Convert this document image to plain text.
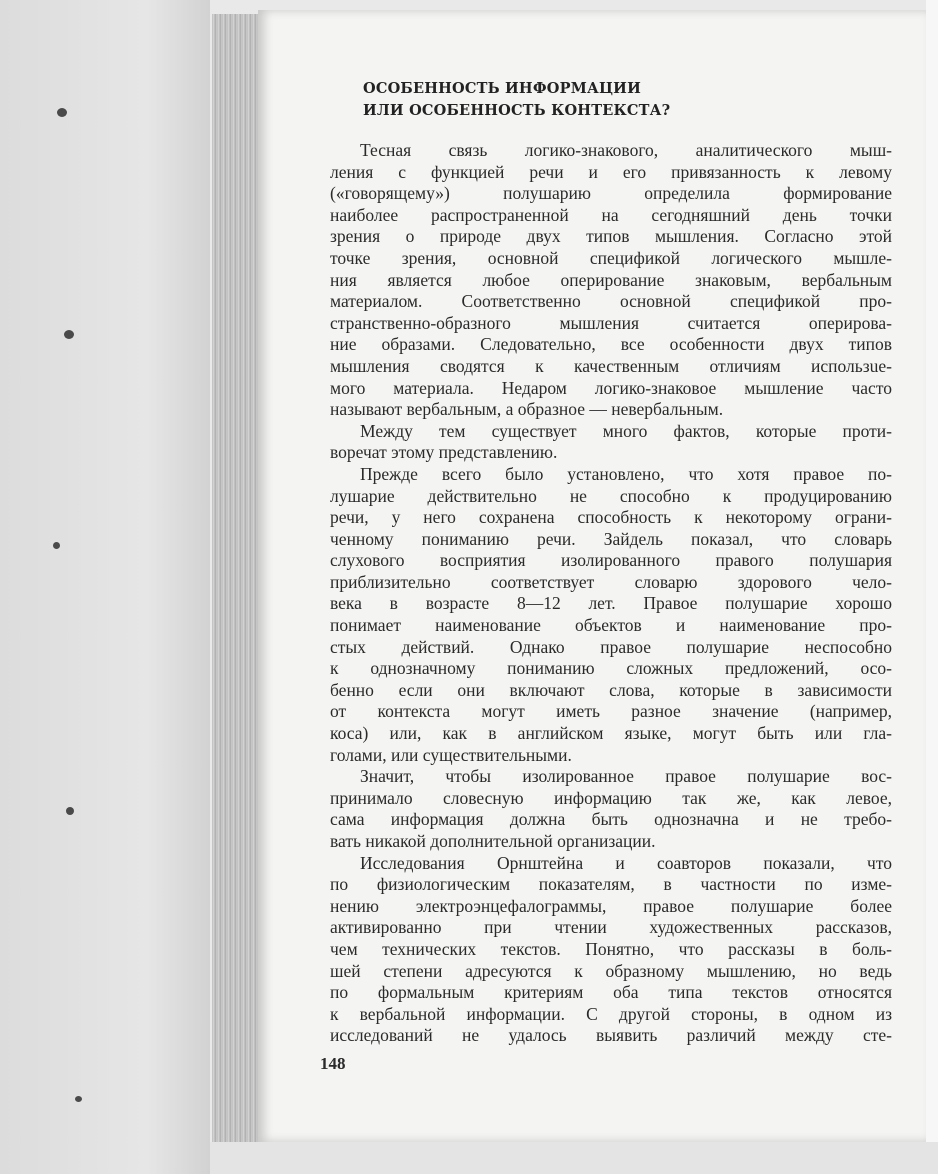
ОСОБЕННОСТЬ ИНФОРМАЦИИ
ИЛИ ОСОБЕННОСТЬ КОНТЕКСТА?
Тесная связь логико-знакового, аналитического мыш-
ления с функцией речи и его привязанность к левому
(«говорящему») полушарию определила формирование
наиболее распространенной на сегодняшний день точки
зрения о природе двух типов мышления. Согласно этой
точке зрения, основной спецификой логического мышле-
ния является любое оперирование знаковым, вербальным
материалом. Соответственно основной спецификой про-
странственно-образного мышления считается оперирова-
ние образами. Следовательно, все особенности двух типов
мышления сводятся к качественным отличиям использue-
мого материала. Недаром логико-знаковое мышление часто
называют вербальным, а образное — невербальным.
Между тем существует много фактов, которые проти-
воречат этому представлению.
Прежде всего было установлено, что хотя правое по-
лушарие действительно не способно к продуцированию
речи, у него сохранена способность к некоторому ограни-
ченному пониманию речи. Зайдель показал, что словарь
слухового восприятия изолированного правого полушария
приблизительно соответствует словарю здорового чело-
века в возрасте 8—12 лет. Правое полушарие хорошо
понимает наименование объектов и наименование про-
стых действий. Однако правое полушарие неспособно
к однозначному пониманию сложных предложений, осо-
бенно если они включают слова, которые в зависимости
от контекста могут иметь разное значение (например,
коса) или, как в английском языке, могут быть или гла-
голами, или существительными.
Значит, чтобы изолированное правое полушарие вос-
принимало словесную информацию так же, как левое,
сама информация должна быть однозначна и не требо-
вать никакой дополнительной организации.
Исследования Орнштейна и соавторов показали, что
по физиологическим показателям, в частности по изме-
нению электроэнцефалограммы, правое полушарие более
активированно при чтении художественных рассказов,
чем технических текстов. Понятно, что рассказы в боль-
шей степени адресуются к образному мышлению, но ведь
по формальным критериям оба типа текстов относятся
к вербальной информации. С другой стороны, в одном из
исследований не удалось выявить различий между сте-
148
